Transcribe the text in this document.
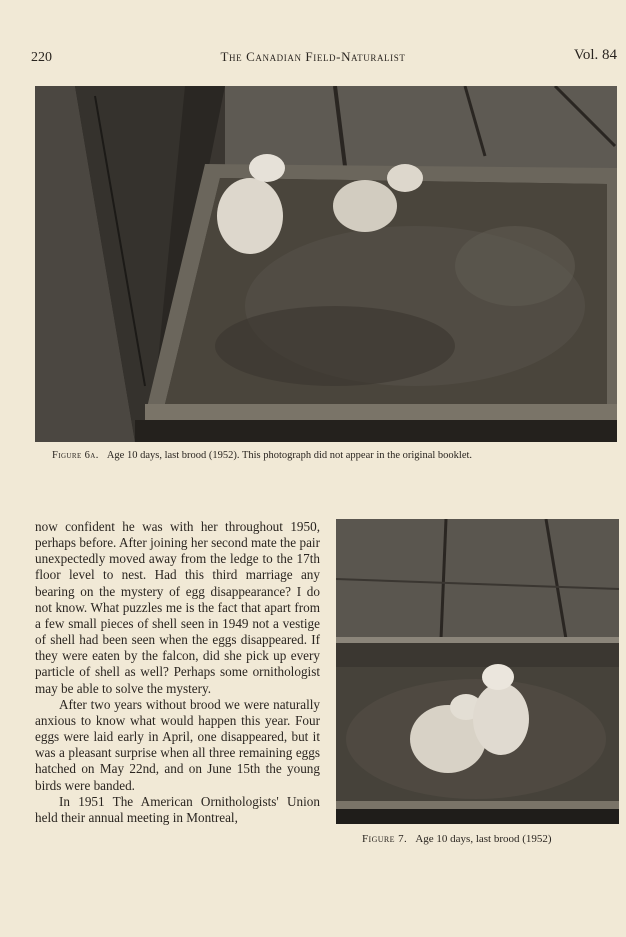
220	The Canadian Field-Naturalist	Vol. 84
Figure 6a. Age 10 days, last brood (1952). This photograph did not appear in the original booklet.

now confident he was with her throughout 1950, perhaps before. After joining her second mate the pair unexpectedly moved away from the ledge to the 17th floor level to nest. Had this third marriage any bearing on the mystery of egg disappearance? I do not know. What puzzles me is the fact that apart from a few small pieces of shell seen in 1949 not a vestige of shell had been seen when the eggs disappeared. If they were eaten by the falcon, did she pick up every particle of shell as well? Perhaps some ornithologist may be able to solve the mystery.

After two years without brood we were naturally anxious to know what would happen this year. Four eggs were laid early in April, one disappeared, but it was a pleasant surprise when all three remaining eggs hatched on May 22nd, and on June 15th the young birds were banded.

In 1951 The American Ornithologists' Union held their annual meeting in Montreal,

Figure 7. Age 10 days, last brood (1952)
